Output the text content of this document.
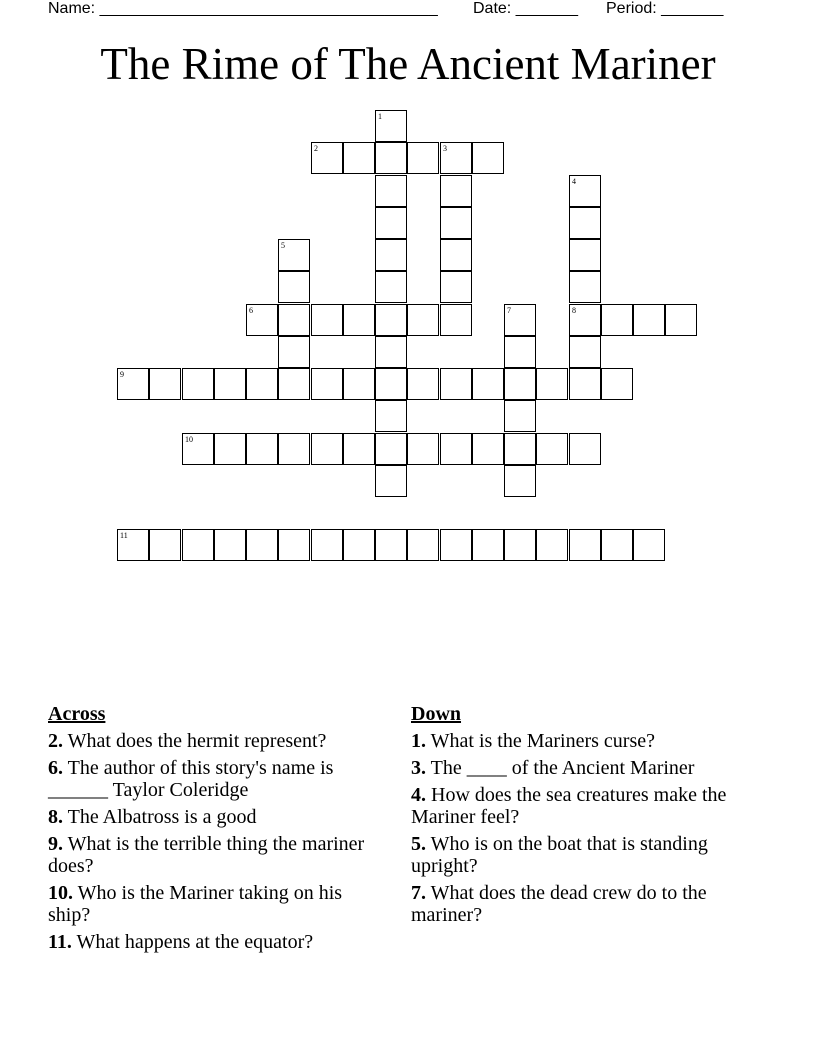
Name: ______________________________________ Date: _______ Period: _______
The Rime of The Ancient Mariner
1
2	3
4
8
5
6	7
9
10
11
Across
2. What does the hermit represent?
6. The author of this story's name is ______ Taylor Coleridge
8. The Albatross is a good
9. What is the terrible thing the mariner does?
10. Who is the Mariner taking on his ship?
11. What happens at the equator?
Down
1. What is the Mariners curse?
3. The ____ of the Ancient Mariner
4. How does the sea creatures make the Mariner feel?
5. Who is on the boat that is standing upright?
7. What does the dead crew do to the mariner?
